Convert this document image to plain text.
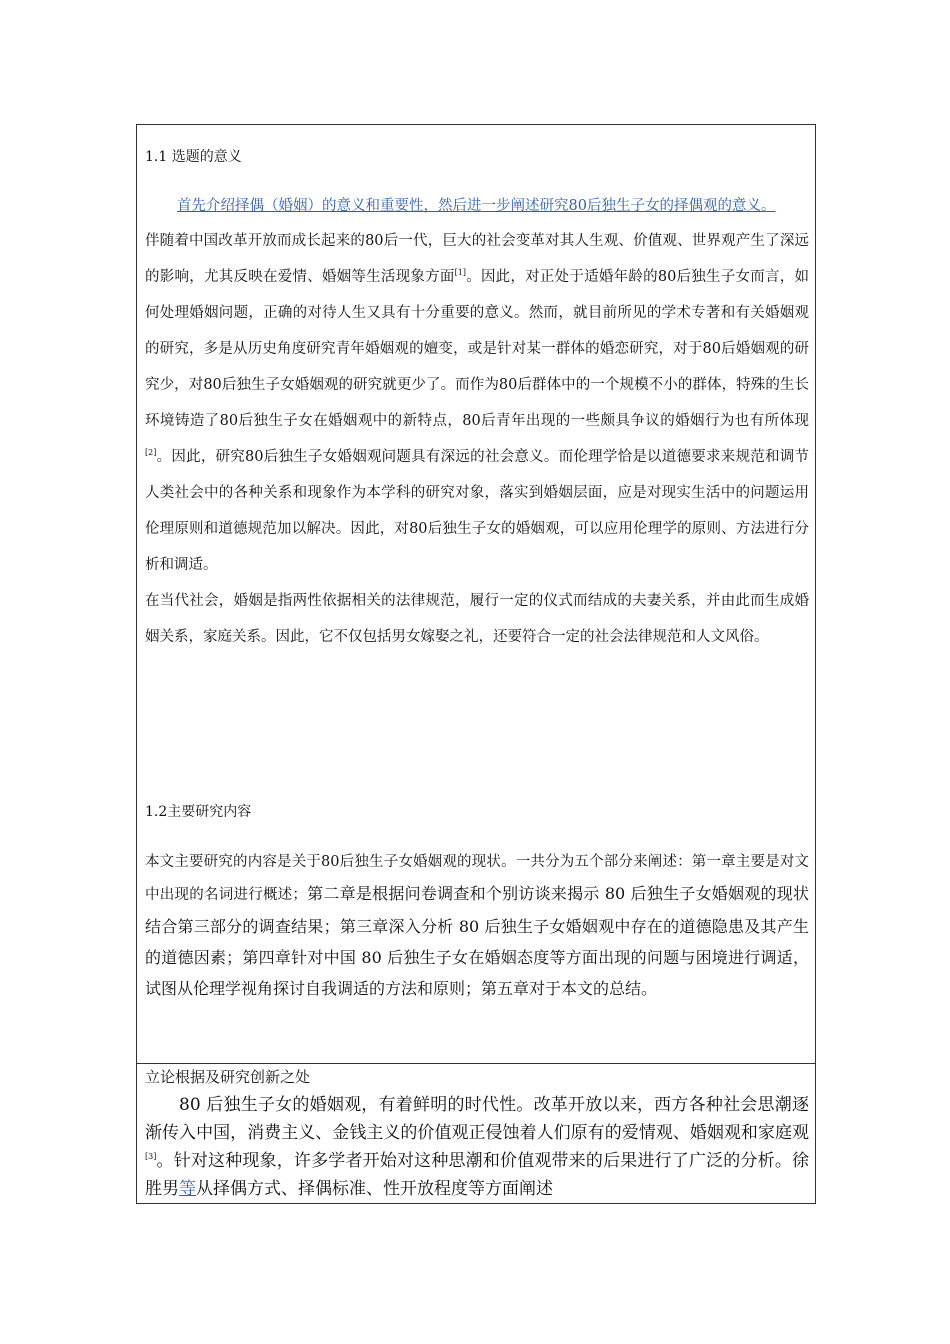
1.1 选题的意义

首先介绍择偶（婚姻）的意义和重要性，然后进一步阐述研究80后独生子女的择偶观的意义。

伴随着中国改革开放而成长起来的80后一代，巨大的社会变革对其人生观、价值观、世界观产生了深远的影响，尤其反映在爱情、婚姻等生活现象方面[1]。因此，对正处于适婚年龄的80后独生子女而言，如何处理婚姻问题，正确的对待人生又具有十分重要的意义。然而，就目前所见的学术专著和有关婚姻观的研究，多是从历史角度研究青年婚姻观的嬗变，或是针对某一群体的婚恋研究，对于80后婚姻观的研究少，对80后独生子女婚姻观的研究就更少了。而作为80后群体中的一个规模不小的群体，特殊的生长环境铸造了80后独生子女在婚姻观中的新特点，80后青年出现的一些颇具争议的婚姻行为也有所体现[2]。因此，研究80后独生子女婚姻观问题具有深远的社会意义。而伦理学恰是以道德要求来规范和调节人类社会中的各种关系和现象作为本学科的研究对象，落实到婚姻层面，应是对现实生活中的问题运用伦理原则和道德规范加以解决。因此，对80后独生子女的婚姻观，可以应用伦理学的原则、方法进行分析和调适。

在当代社会，婚姻是指两性依据相关的法律规范，履行一定的仪式而结成的夫妻关系，并由此而生成婚姻关系，家庭关系。因此，它不仅包括男女嫁娶之礼，还要符合一定的社会法律规范和人文风俗。

1.2主要研究内容

本文主要研究的内容是关于80后独生子女婚姻观的现状。一共分为五个部分来阐述：第一章主要是对文中出现的名词进行概述；第二章是根据问卷调查和个别访谈来揭示 80 后独生子女婚姻观的现状结合第三部分的调查结果；第三章深入分析 80 后独生子女婚姻观中存在的道德隐患及其产生的道德因素；第四章针对中国 80 后独生子女在婚姻态度等方面出现的问题与困境进行调适，试图从伦理学视角探讨自我调适的方法和原则；第五章对于本文的总结。

立论根据及研究创新之处

80 后独生子女的婚姻观，有着鲜明的时代性。改革开放以来，西方各种社会思潮逐渐传入中国，消费主义、金钱主义的价值观正侵蚀着人们原有的爱情观、婚姻观和家庭观[3]。针对这种现象，许多学者开始对这种思潮和价值观带来的后果进行了广泛的分析。徐胜男等从择偶方式、择偶标准、性开放程度等方面阐述
